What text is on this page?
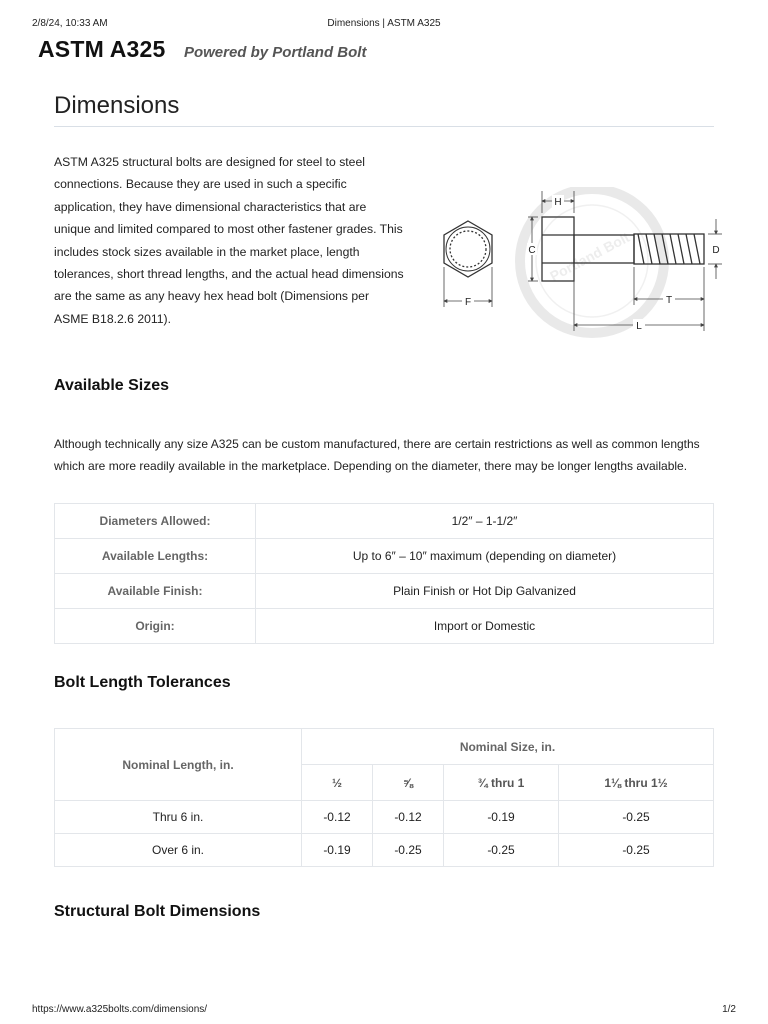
2/8/24, 10:33 AM	Dimensions | ASTM A325
ASTM A325 Powered by Portland Bolt
Dimensions

ASTM A325 structural bolts are designed for steel to steel connections. Because they are used in such a specific application, they have dimensional characteristics that are unique and limited compared to most other fastener grades. This includes stock sizes available in the market place, length tolerances, short thread lengths, and the actual head dimensions are the same as any heavy hex head bolt (Dimensions per ASME B18.2.6 2011).

Portland Bolt
H
C	D
F	T
L
Available Sizes

Although technically any size A325 can be custom manufactured, there are certain restrictions as well as common lengths which are more readily available in the marketplace. Depending on the diameter, there may be longer lengths available.

Diameters Allowed:	1/2″ – 1-1/2″
Available Lengths:	Up to 6″ – 10″ maximum (depending on diameter)
Available Finish:	Plain Finish or Hot Dip Galvanized
Origin:	Import or Domestic
Bolt Length Tolerances
Nominal Length, in.	Nominal Size, in.			
	½	⅝	¾ thru 1	1⅛ thru 1½
Thru 6 in.	-0.12	-0.12	-0.19	-0.25
Over 6 in.	-0.19	-0.25	-0.25	-0.25
Structural Bolt Dimensions
https://www.a325bolts.com/dimensions/	1/2
